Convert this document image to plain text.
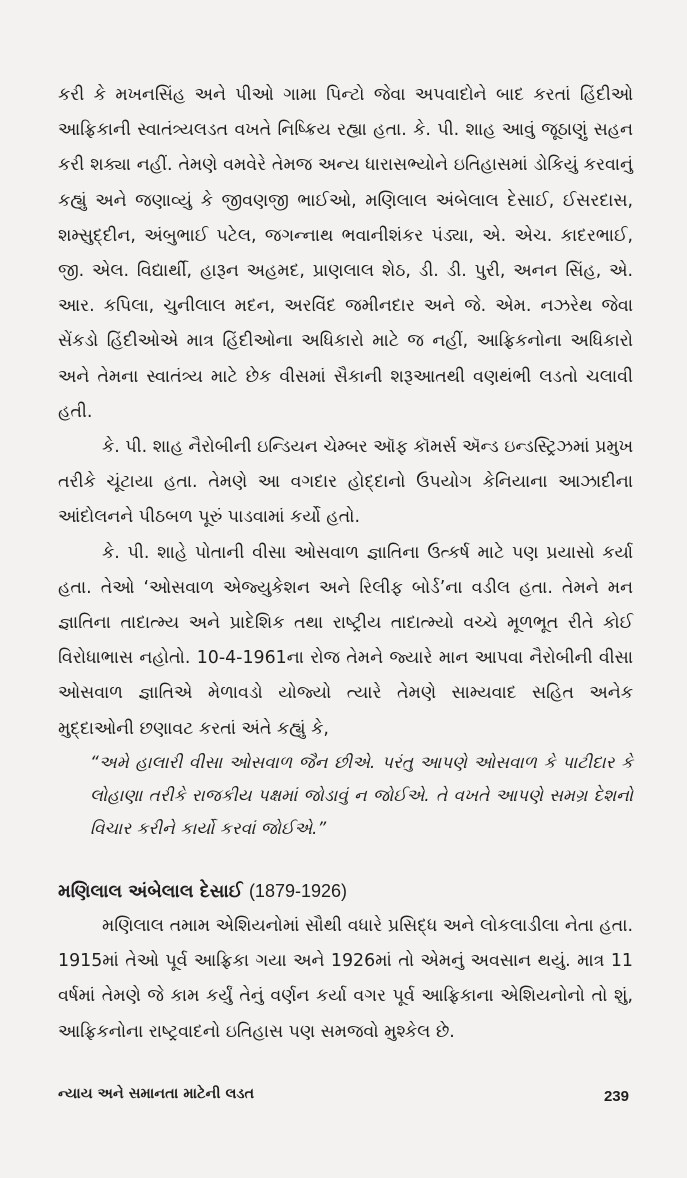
કરી કે મખનસિંહ અને પીઓ ગામા પિન્ટો જેવા અપવાદોને બાદ કરતાં હિંદીઓ આફ્રિકાની સ્વાતંત્ર્યલડત વખતે નિષ્ક્રિય રહ્યા હતા. કે. પી. શાહ આવું જૂઠાણું સહન કરી શક્યા નહીં. તેમણે વમવેરે તેમજ અન્ય ધારાસભ્યોને ઇતિહાસમાં ડોકિયું કરવાનું કહ્યું અને જણાવ્યું કે જીવણજી ભાઈઓ, મણિલાલ અંબેલાલ દેસાઈ, ઈસરદાસ, શમ્સુદ્દીન, અંબુભાઈ પટેલ, જગન્નાથ ભવાનીશંકર પંડ્યા, એ. એચ. કાદરભાઈ, જી. એલ. વિદ્યાર્થી, હારૂન અહમદ, પ્રાણલાલ શેઠ, ડી. ડી. પુરી, અનન સિંહ, એ. આર. કપિલા, ચુનીલાલ મદન, અરવિંદ જમીનદાર અને જે. એમ. નઝરેથ જેવા સેંકડો હિંદીઓએ માત્ર હિંદીઓના અધિકારો માટે જ નહીં, આફ્રિકનોના અધિકારો અને તેમના સ્વાતંત્ર્ય માટે છેક વીસમાં સૈકાની શરૂઆતથી વણથંભી લડતો ચલાવી હતી.

કે. પી. શાહ નૈરોબીની ઇન્ડિયન ચેમ્બર ઑફ કૉમર્સ ઍન્ડ ઇન્ડસ્ટ્રિઝમાં પ્રમુખ તરીકે ચૂંટાયા હતા. તેમણે આ વગદાર હોદ્દાનો ઉપયોગ કેનિયાના આઝાદીના આંદોલનને પીઠબળ પૂરું પાડવામાં કર્યો હતો.

કે. પી. શાહે પોતાની વીસા ઓસવાળ જ્ઞાતિના ઉત્કર્ષ માટે પણ પ્રયાસો કર્યા હતા. તેઓ ‘ઓસવાળ એજ્યુકેશન અને રિલીફ બોર્ડ’ના વડીલ હતા. તેમને મન જ્ઞાતિના તાદાત્મ્ય અને પ્રાદેશિક તથા રાષ્ટ્રીય તાદાત્મ્યો વચ્ચે મૂળભૂત રીતે કોઈ વિરોધાભાસ નહોતો. 10-4-1961ના રોજ તેમને જ્યારે માન આપવા નૈરોબીની વીસા ઓસવાળ જ્ઞાતિએ મેળાવડો યોજ્યો ત્યારે તેમણે સામ્યવાદ સહિત અનેક મુદ્દાઓની છણાવટ કરતાં અંતે કહ્યું કે,

“અમે હાલારી વીસા ઓસવાળ જૈન છીએ. પરંતુ આપણે ઓસવાળ કે પાટીદાર કે લોહાણા તરીકે રાજકીય પક્ષમાં જોડાવું ન જોઈએ. તે વખતે આપણે સમગ્ર દેશનો વિચાર કરીને કાર્યો કરવાં જોઈએ.”

મણિલાલ અંબેલાલ દેસાઈ (1879-1926)

મણિલાલ તમામ એશિયનોમાં સૌથી વધારે પ્રસિદ્ધ અને લોકલાડીલા નેતા હતા. 1915માં તેઓ પૂર્વ આફ્રિકા ગયા અને 1926માં તો એમનું અવસાન થયું. માત્ર 11 વર્ષમાં તેમણે જે કામ કર્યું તેનું વર્ણન કર્યા વગર પૂર્વ આફ્રિકાના એશિયનોનો તો શું, આફ્રિકનોના રાષ્ટ્રવાદનો ઇતિહાસ પણ સમજવો મુશ્કેલ છે.

ન્યાય અને સમાનતા માટેની લડત	239
